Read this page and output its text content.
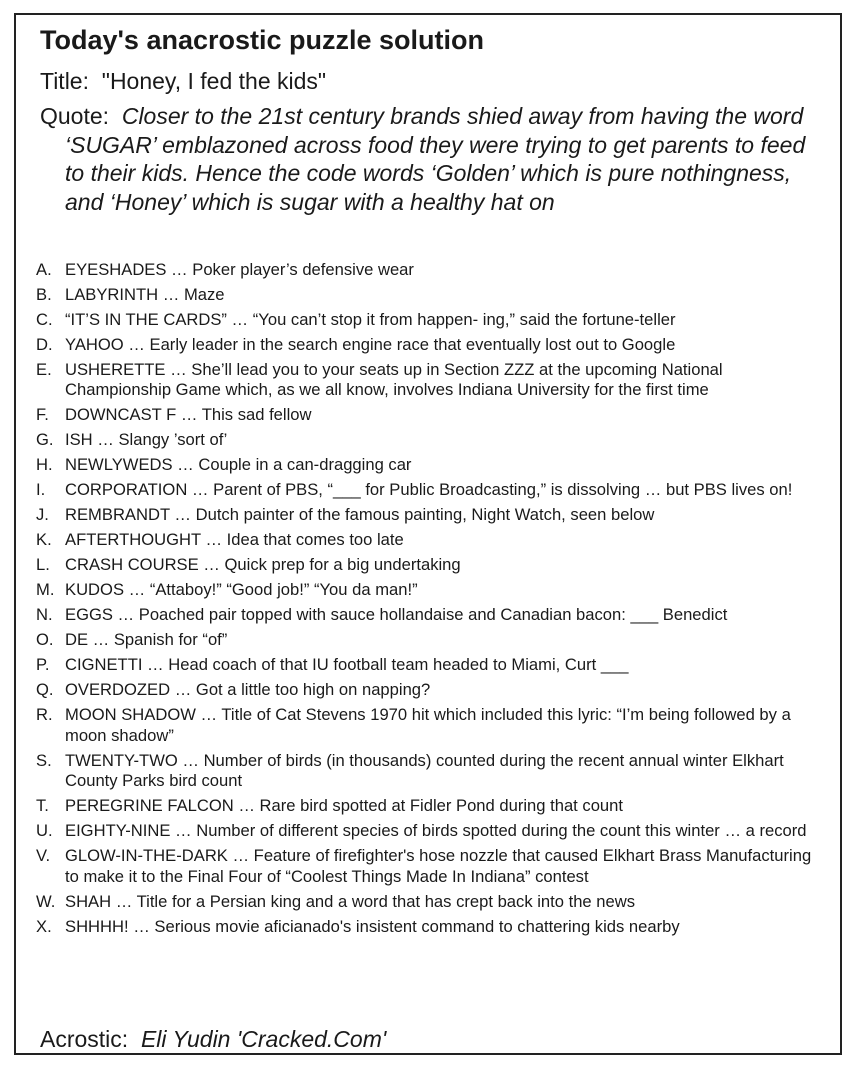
Today's anacrostic puzzle solution

Title: "Honey, I fed the kids"

Quote: Closer to the 21st century brands shied away from having the word ‘SUGAR’ emblazoned across food they were trying to get parents to feed to their kids. Hence the code words ‘Golden’ which is pure nothingness, and ‘Honey’ which is sugar with a healthy hat on

A. EYESHADES … Poker player’s defensive wear
B. LABYRINTH … Maze
C. “IT’S IN THE CARDS” … “You can’t stop it from happen- ing,” said the fortune-teller
D. YAHOO … Early leader in the search engine race that eventually lost out to Google
E. USHERETTE … She’ll lead you to your seats up in Section ZZZ at the upcoming National Championship Game which, as we all know, involves Indiana University for the first time
F. DOWNCAST F … This sad fellow
G. ISH … Slangy ’sort of’
H. NEWLYWEDS … Couple in a can-dragging car
I. CORPORATION … Parent of PBS, “___ for Public Broadcasting,” is dissolving … but PBS lives on!
J. REMBRANDT … Dutch painter of the famous painting, Night Watch, seen below
K. AFTERTHOUGHT … Idea that comes too late
L. CRASH COURSE … Quick prep for a big undertaking
M. KUDOS … “Attaboy!” “Good job!” “You da man!”
N. EGGS … Poached pair topped with sauce hollandaise and Canadian bacon: ___ Benedict
O. DE … Spanish for “of”
P. CIGNETTI … Head coach of that IU football team headed to Miami, Curt ___
Q. OVERDOZED … Got a little too high on napping?
R. MOON SHADOW … Title of Cat Stevens 1970 hit which included this lyric: “I’m being followed by a moon shadow”
S. TWENTY-TWO … Number of birds (in thousands) counted during the recent annual winter Elkhart County Parks bird count
T. PEREGRINE FALCON … Rare bird spotted at Fidler Pond during that count
U. EIGHTY-NINE … Number of different species of birds spotted during the count this winter … a record
V. GLOW-IN-THE-DARK … Feature of firefighter's hose nozzle that caused Elkhart Brass Manufacturing to make it to the Final Four of “Coolest Things Made In Indiana” contest
W. SHAH … Title for a Persian king and a word that has crept back into the news
X. SHHHH! … Serious movie aficianado's insistent command to chattering kids nearby

Acrostic: Eli Yudin 'Cracked.Com'
